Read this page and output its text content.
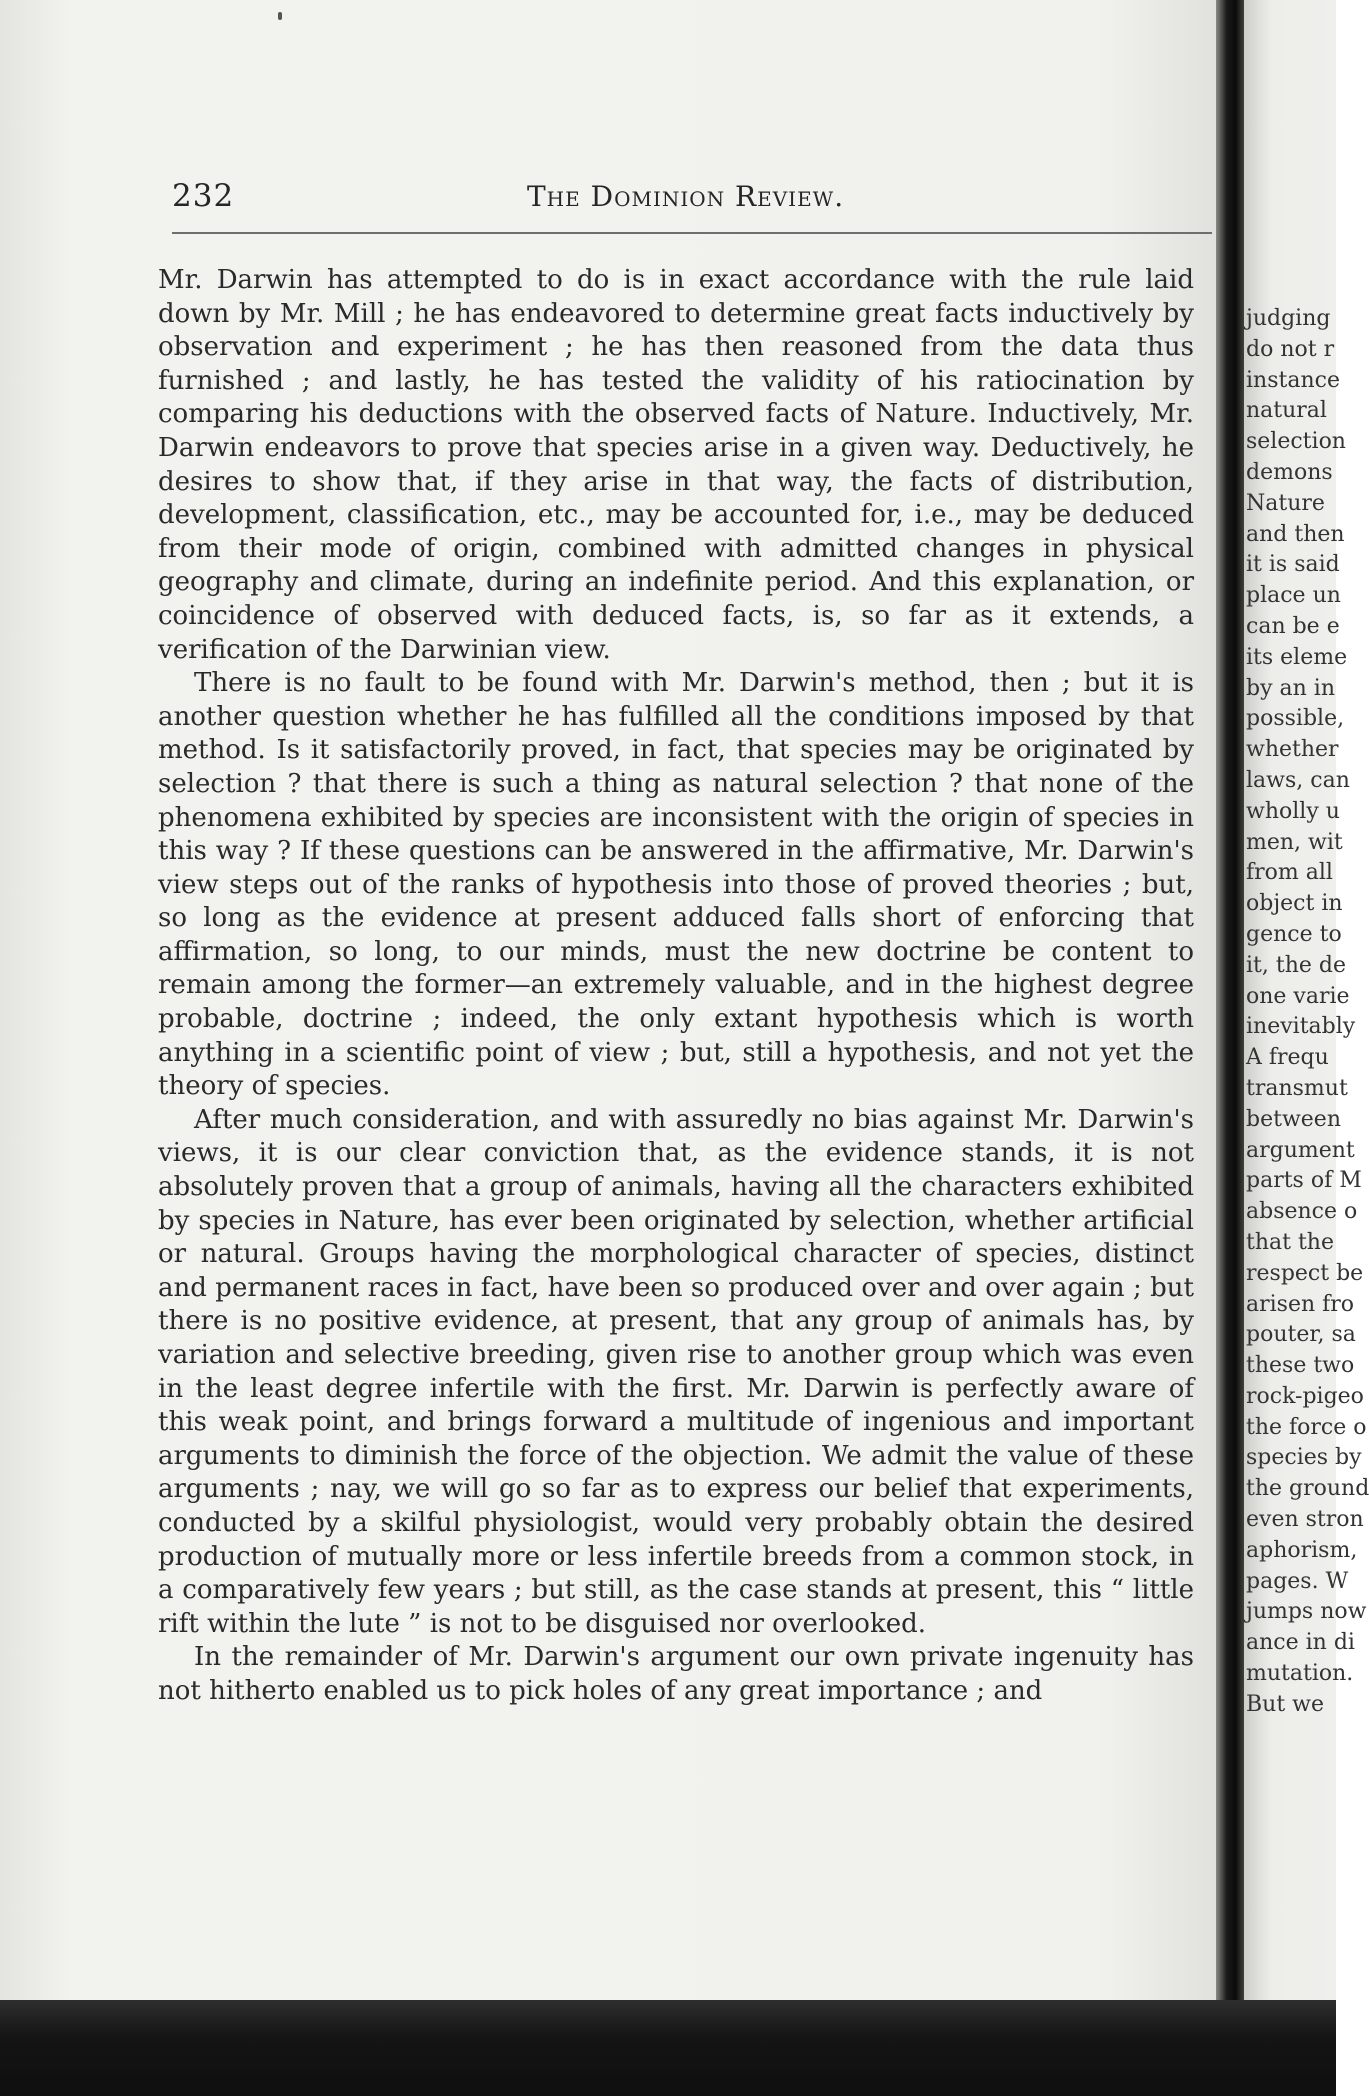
232	The Dominion Review.

Mr. Darwin has attempted to do is in exact accordance with the rule laid down by Mr. Mill ; he has endeavored to determine great facts inductively by observation and experiment ; he has then reasoned from the data thus furnished ; and lastly, he has tested the validity of his ratiocination by comparing his deductions with the observed facts of Nature. Inductively, Mr. Darwin endeavors to prove that species arise in a given way. Deductively, he desires to show that, if they arise in that way, the facts of distribution, development, classification, etc., may be accounted for, i.e., may be deduced from their mode of origin, combined with admitted changes in physical geography and climate, during an indefinite period. And this explanation, or coincidence of observed with deduced facts, is, so far as it extends, a verification of the Darwinian view.

There is no fault to be found with Mr. Darwin's method, then ; but it is another question whether he has fulfilled all the conditions imposed by that method. Is it satisfactorily proved, in fact, that species may be originated by selection ? that there is such a thing as natural selection ? that none of the phenomena exhibited by species are inconsistent with the origin of species in this way ? If these questions can be answered in the affirmative, Mr. Darwin's view steps out of the ranks of hypothesis into those of proved theories ; but, so long as the evidence at present adduced falls short of enforcing that affirmation, so long, to our minds, must the new doctrine be content to remain among the former—an extremely valuable, and in the highest degree probable, doctrine ; indeed, the only extant hypothesis which is worth anything in a scientific point of view ; but, still a hypothesis, and not yet the theory of species.

After much consideration, and with assuredly no bias against Mr. Darwin's views, it is our clear conviction that, as the evidence stands, it is not absolutely proven that a group of animals, having all the characters exhibited by species in Nature, has ever been originated by selection, whether artificial or natural. Groups having the morphological character of species, distinct and permanent races in fact, have been so produced over and over again ; but there is no positive evidence, at present, that any group of animals has, by variation and selective breeding, given rise to another group which was even in the least degree infertile with the first. Mr. Darwin is perfectly aware of this weak point, and brings forward a multitude of ingenious and important arguments to diminish the force of the objection. We admit the value of these arguments ; nay, we will go so far as to express our belief that experiments, conducted by a skilful physiologist, would very probably obtain the desired production of mutually more or less infertile breeds from a common stock, in a comparatively few years ; but still, as the case stands at present, this “ little rift within the lute ” is not to be disguised nor overlooked.

In the remainder of Mr. Darwin's argument our own private ingenuity has not hitherto enabled us to pick holes of any great importance ; and

judging
do not r
instance
natural
selection
demons
Nature
and then
it is said
place un
can be e
its eleme
by an in
possible,
whether
laws, can
wholly u
men, wit
from all
object in
gence to
it, the de
one varie
inevitably
A frequ
transmut
between
argument
parts of M
absence o
that the
respect be
arisen fro
pouter, sa
these two
rock-pigeo
the force o
species by
the ground
even stron
aphorism,
pages. W
jumps now
ance in di
mutation.
But we
